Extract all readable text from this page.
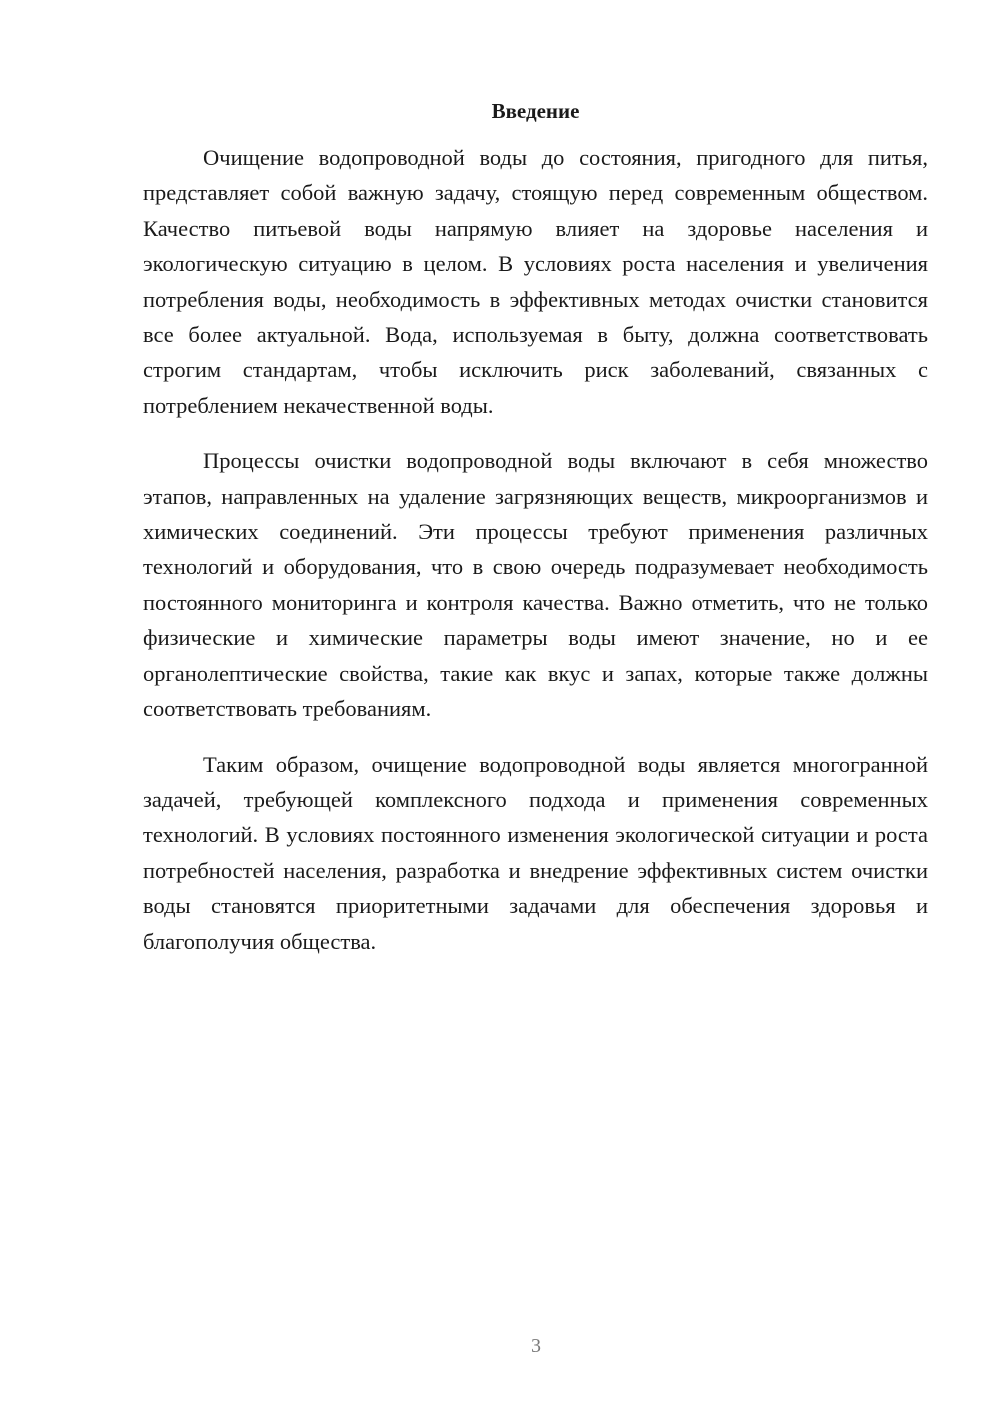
Введение

Очищение водопроводной воды до состояния, пригодного для питья, представляет собой важную задачу, стоящую перед современным обществом. Качество питьевой воды напрямую влияет на здоровье населения и экологическую ситуацию в целом. В условиях роста населения и увеличения потребления воды, необходимость в эффективных методах очистки становится все более актуальной. Вода, используемая в быту, должна соответствовать строгим стандартам, чтобы исключить риск заболеваний, связанных с потреблением некачественной воды.

Процессы очистки водопроводной воды включают в себя множество этапов, направленных на удаление загрязняющих веществ, микроорганизмов и химических соединений. Эти процессы требуют применения различных технологий и оборудования, что в свою очередь подразумевает необходимость постоянного мониторинга и контроля качества. Важно отметить, что не только физические и химические параметры воды имеют значение, но и ее органолептические свойства, такие как вкус и запах, которые также должны соответствовать требованиям.

Таким образом, очищение водопроводной воды является многогранной задачей, требующей комплексного подхода и применения современных технологий. В условиях постоянного изменения экологической ситуации и роста потребностей населения, разработка и внедрение эффективных систем очистки воды становятся приоритетными задачами для обеспечения здоровья и благополучия общества.

3
